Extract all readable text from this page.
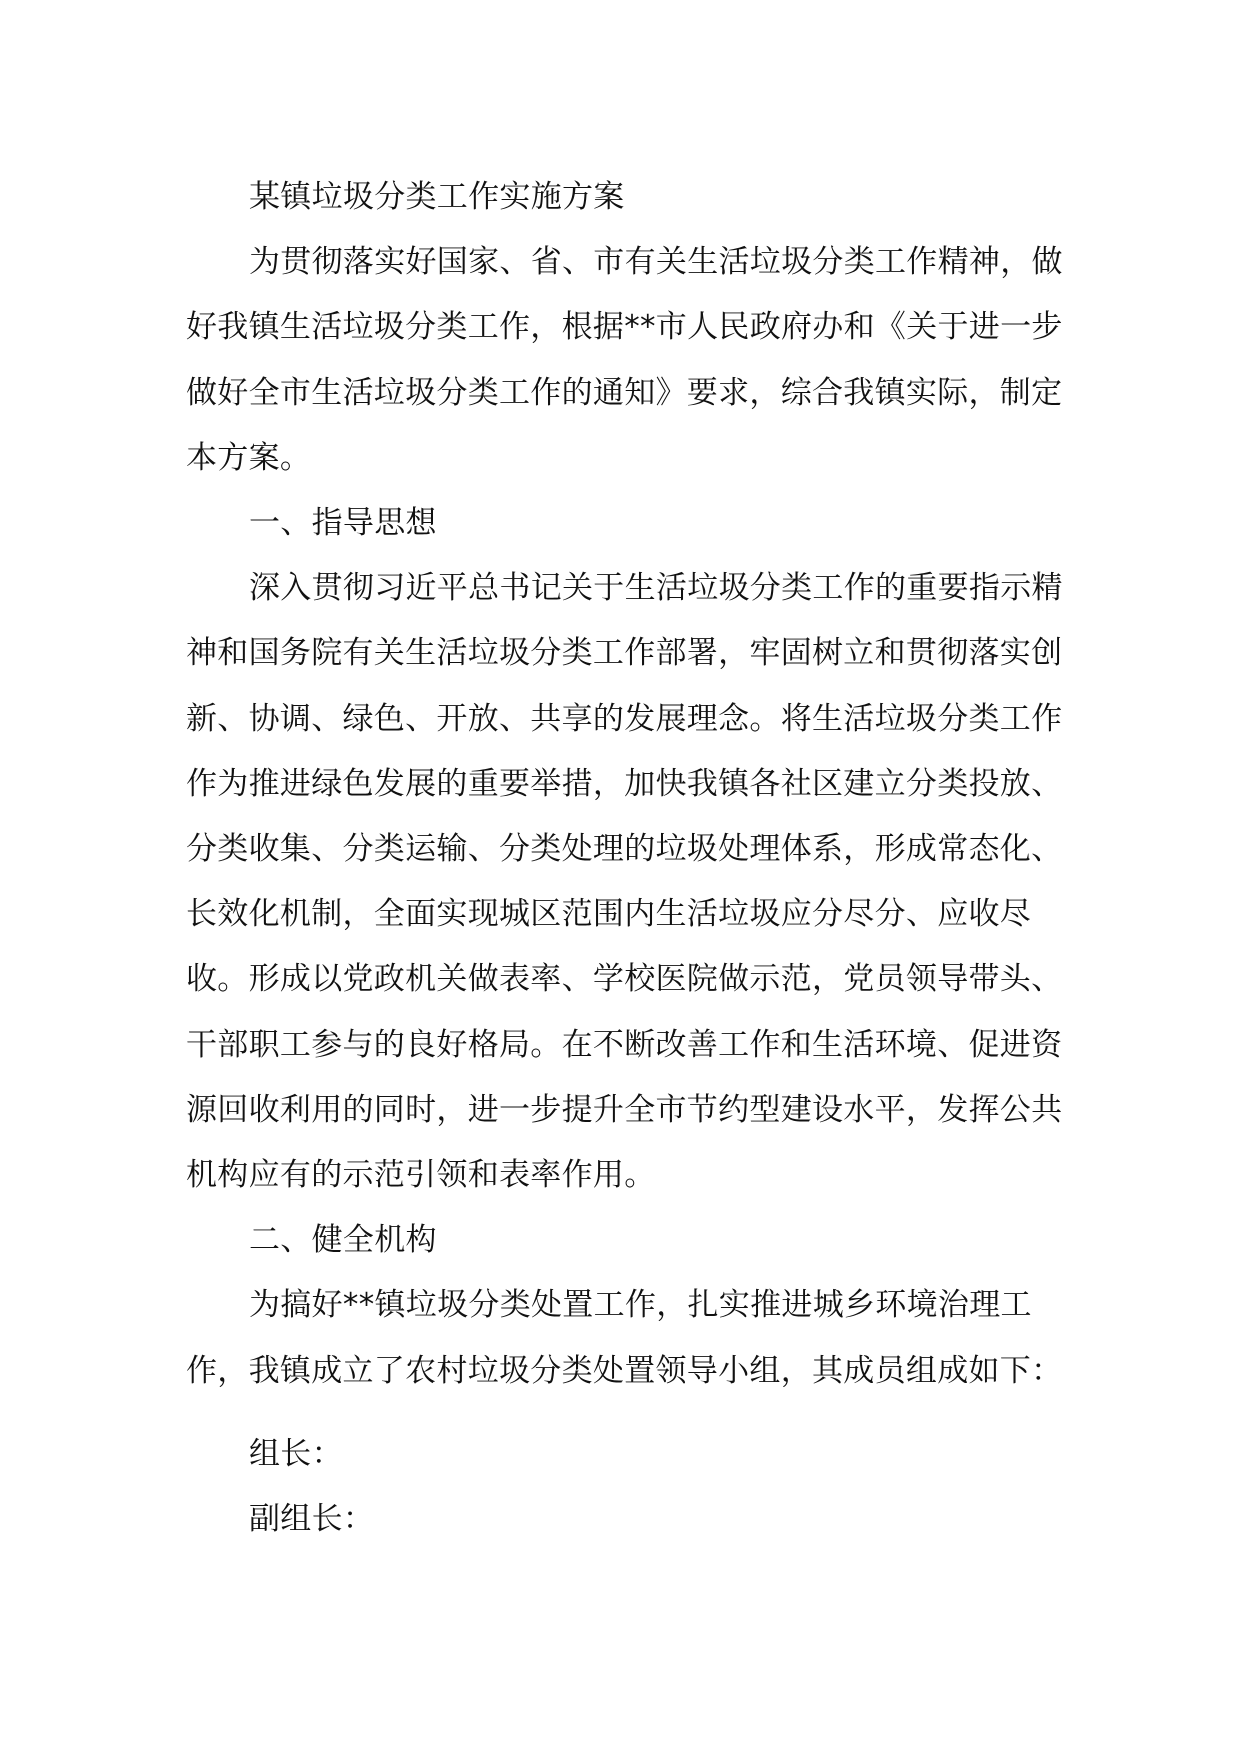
某镇垃圾分类工作实施方案

为贯彻落实好国家、省、市有关生活垃圾分类工作精神，做好我镇生活垃圾分类工作，根据**市人民政府办和《关于进一步做好全市生活垃圾分类工作的通知》要求，综合我镇实际，制定本方案。

一、指导思想

深入贯彻习近平总书记关于生活垃圾分类工作的重要指示精神和国务院有关生活垃圾分类工作部署，牢固树立和贯彻落实创新、协调、绿色、开放、共享的发展理念。将生活垃圾分类工作作为推进绿色发展的重要举措，加快我镇各社区建立分类投放、分类收集、分类运输、分类处理的垃圾处理体系，形成常态化、长效化机制，全面实现城区范围内生活垃圾应分尽分、应收尽收。形成以党政机关做表率、学校医院做示范，党员领导带头、干部职工参与的良好格局。在不断改善工作和生活环境、促进资源回收利用的同时，进一步提升全市节约型建设水平，发挥公共机构应有的示范引领和表率作用。

二、健全机构

为搞好**镇垃圾分类处置工作，扎实推进城乡环境治理工作，我镇成立了农村垃圾分类处置领导小组，其成员组成如下：

组长：

副组长：
